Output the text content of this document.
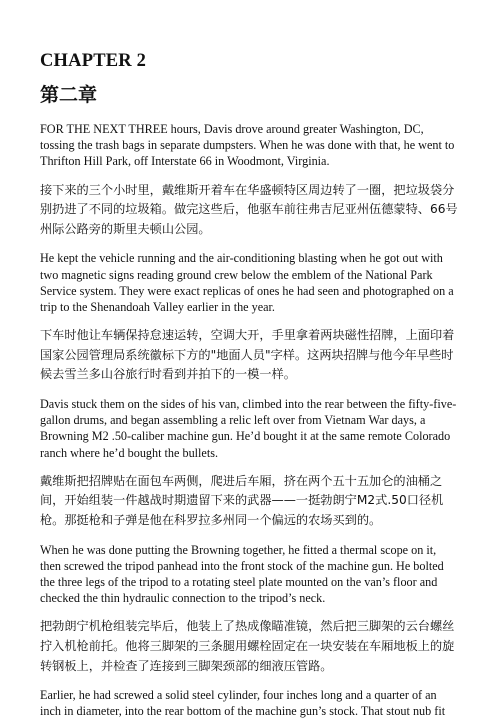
CHAPTER 2
第二章

FOR THE NEXT THREE hours, Davis drove around greater Washington, DC, tossing the trash bags in separate dumpsters. When he was done with that, he went to Thrifton Hill Park, off Interstate 66 in Woodmont, Virginia.

接下来的三个小时里，戴维斯开着车在华盛顿特区周边转了一圈，把垃圾袋分别扔进了不同的垃圾箱。做完这些后，他驱车前往弗吉尼亚州伍德蒙特、66号州际公路旁的斯里夫顿山公园。

He kept the vehicle running and the air-conditioning blasting when he got out with two magnetic signs reading ground crew below the emblem of the National Park Service system. They were exact replicas of ones he had seen and photographed on a trip to the Shenandoah Valley earlier in the year.

下车时他让车辆保持怠速运转，空调大开，手里拿着两块磁性招牌，上面印着国家公园管理局系统徽标下方的"地面人员"字样。这两块招牌与他今年早些时候去雪兰多山谷旅行时看到并拍下的一模一样。

Davis stuck them on the sides of his van, climbed into the rear between the fifty-five-gallon drums, and began assembling a relic left over from Vietnam War days, a Browning M2 .50-caliber machine gun. He’d bought it at the same remote Colorado ranch where he’d bought the bullets.

戴维斯把招牌贴在面包车两侧，爬进后车厢，挤在两个五十五加仑的油桶之间，开始组装一件越战时期遗留下来的武器——一挺勃朗宁M2式.50口径机枪。那挺枪和子弹是他在科罗拉多州同一个偏远的农场买到的。

When he was done putting the Browning together, he fitted a thermal scope on it, then screwed the tripod panhead into the front stock of the machine gun. He bolted the three legs of the tripod to a rotating steel plate mounted on the van’s floor and checked the thin hydraulic connection to the tripod’s neck.

把勃朗宁机枪组装完毕后，他装上了热成像瞄准镜，然后把三脚架的云台螺丝拧入机枪前托。他将三脚架的三条腿用螺栓固定在一块安装在车厢地板上的旋转钢板上，并检查了连接到三脚架颈部的细液压管路。

Earlier, he had screwed a solid steel cylinder, four inches long and a quarter of an inch in diameter, into the rear bottom of the machine gun’s stock. That stout nub fit
